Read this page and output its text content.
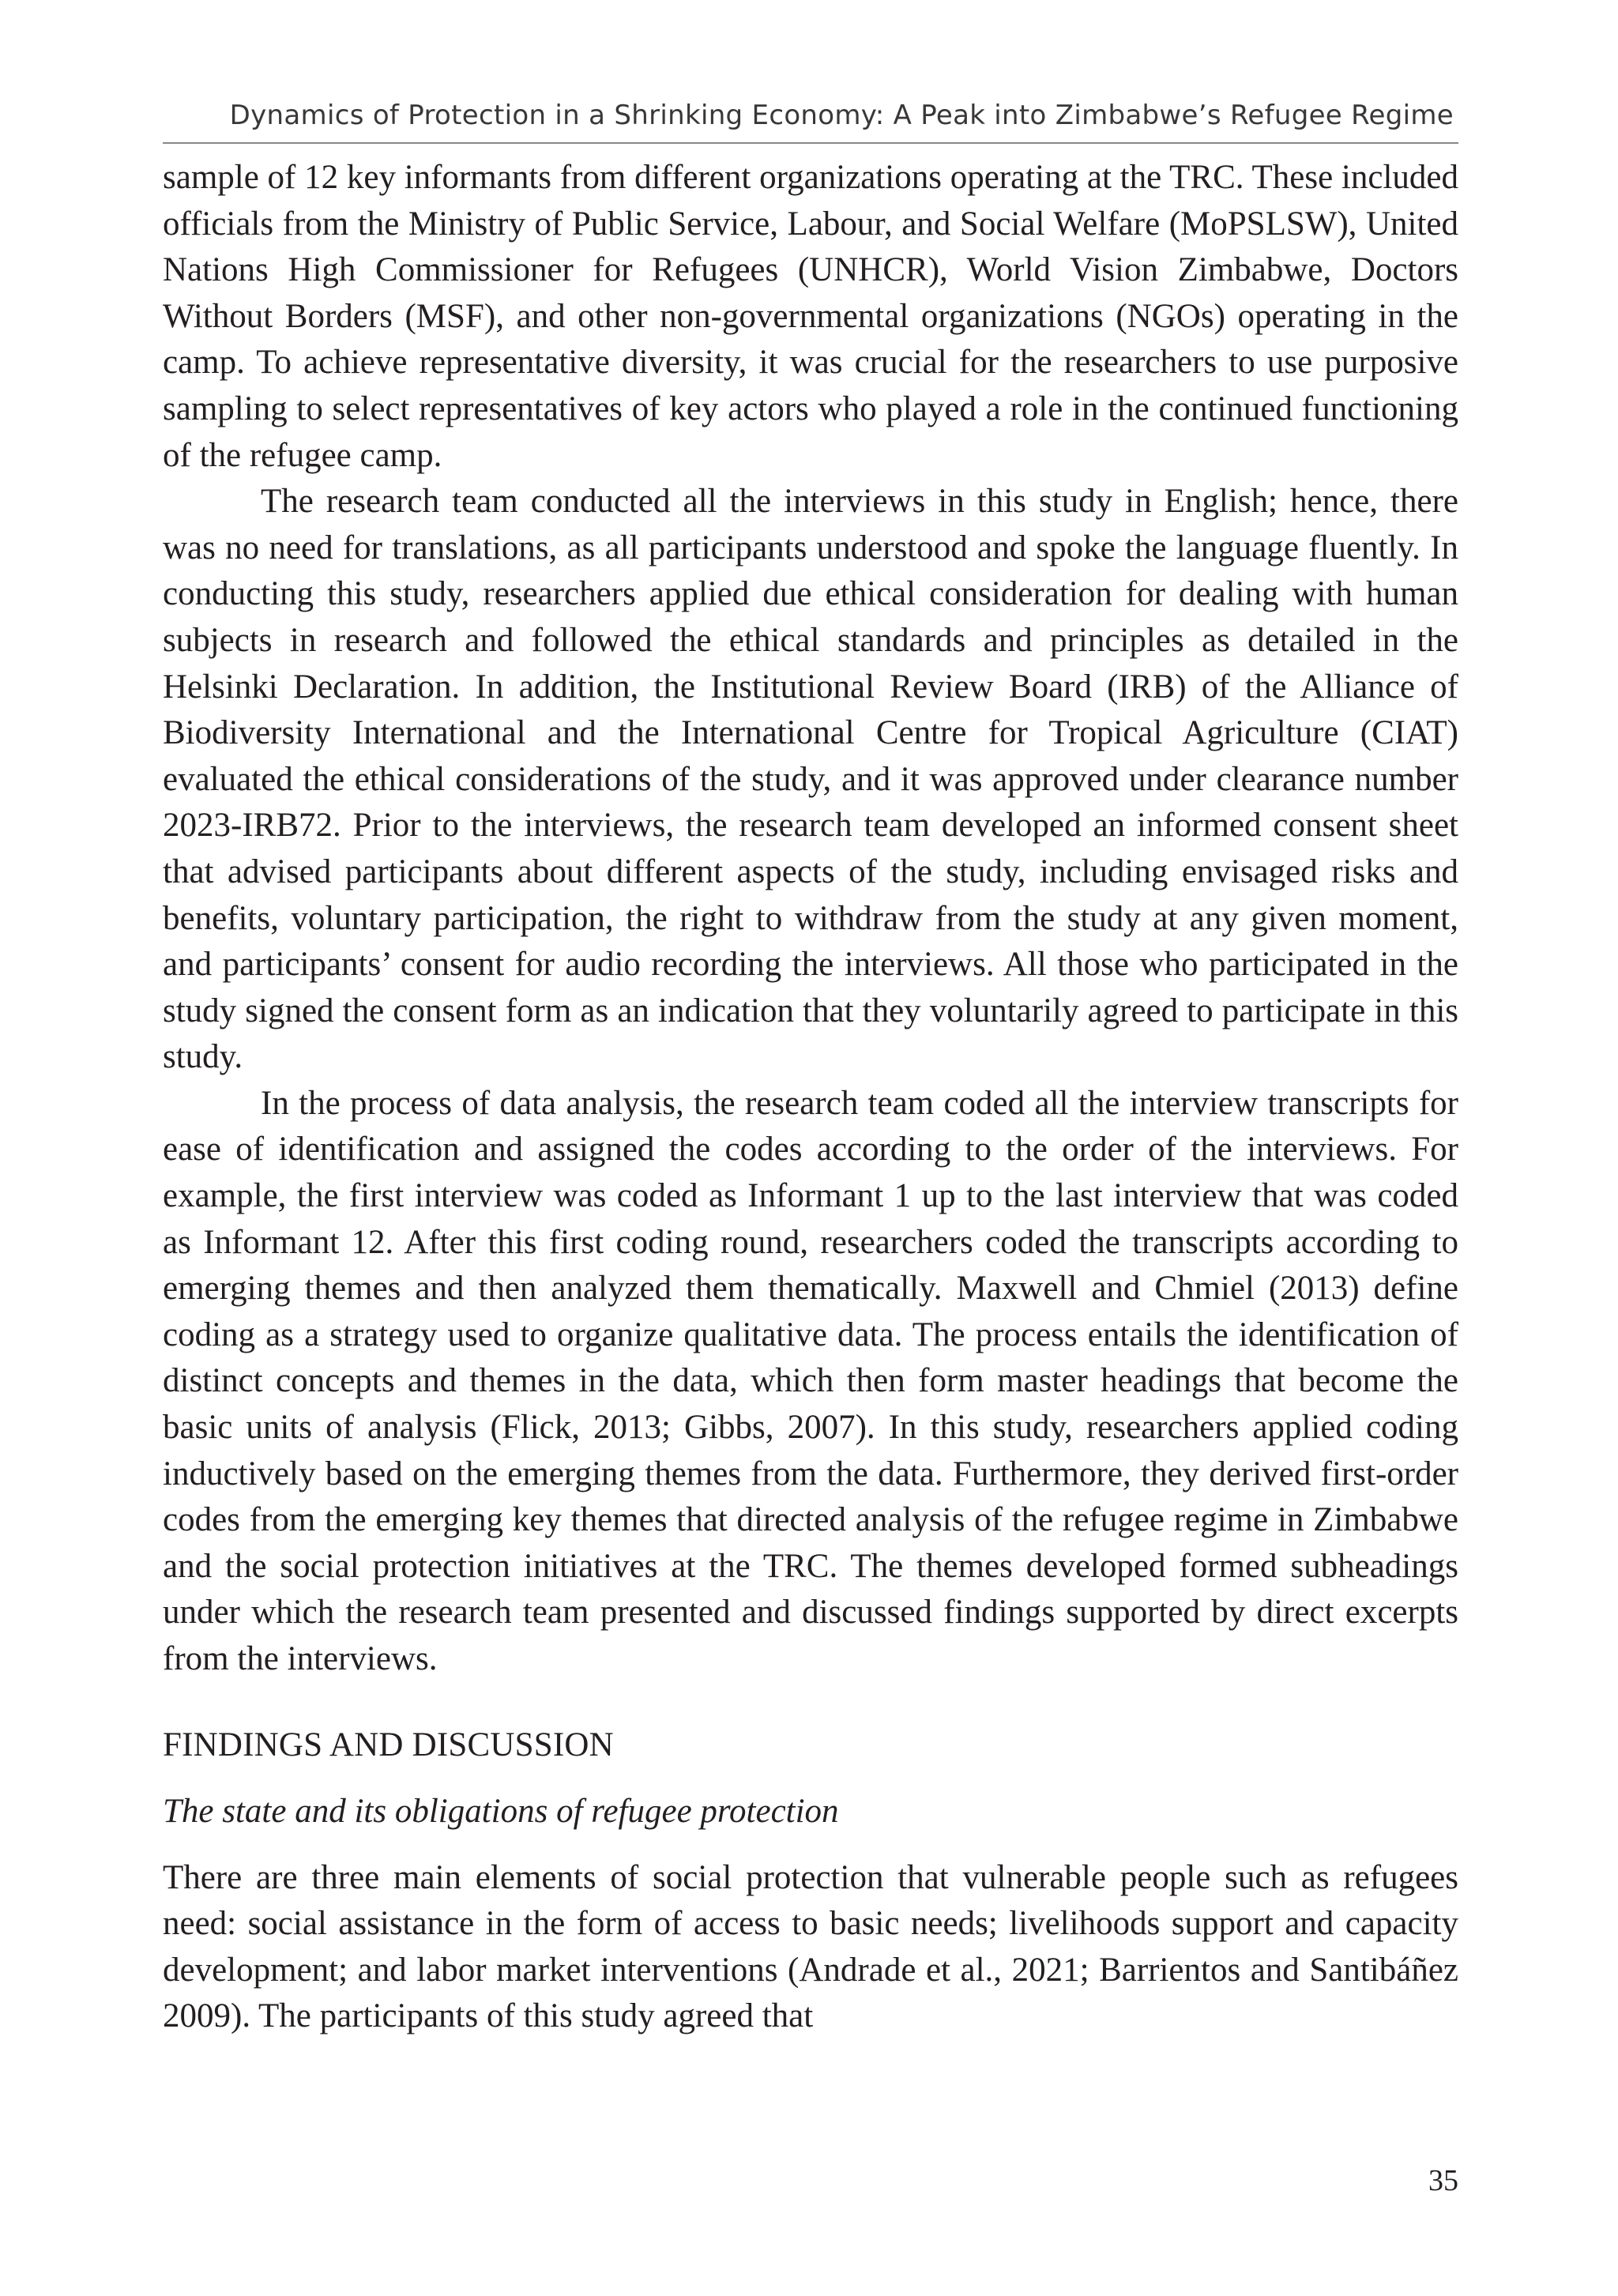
Dynamics of Protection in a Shrinking Economy: A Peak into Zimbabwe’s Refugee Regime

sample of 12 key informants from different organizations operating at the TRC. These included officials from the Ministry of Public Service, Labour, and Social Welfare (MoPSLSW), United Nations High Commissioner for Refugees (UNHCR), World Vision Zimbabwe, Doctors Without Borders (MSF), and other non-governmental organizations (NGOs) operating in the camp. To achieve representative diversity, it was crucial for the researchers to use purposive sampling to select representatives of key actors who played a role in the continued functioning of the refugee camp.

The research team conducted all the interviews in this study in English; hence, there was no need for translations, as all participants understood and spoke the language fluently. In conducting this study, researchers applied due ethical consideration for dealing with human subjects in research and followed the ethical standards and principles as detailed in the Helsinki Declaration. In addition, the Institutional Review Board (IRB) of the Alliance of Biodiversity International and the International Centre for Tropical Agriculture (CIAT) evaluated the ethical considerations of the study, and it was approved under clearance number 2023-IRB72. Prior to the interviews, the research team developed an informed consent sheet that advised participants about different aspects of the study, including envisaged risks and benefits, voluntary participation, the right to withdraw from the study at any given moment, and participants’ consent for audio recording the interviews. All those who participated in the study signed the consent form as an indication that they voluntarily agreed to participate in this study.

In the process of data analysis, the research team coded all the interview transcripts for ease of identification and assigned the codes according to the order of the interviews. For example, the first interview was coded as Informant 1 up to the last interview that was coded as Informant 12. After this first coding round, researchers coded the transcripts according to emerging themes and then analyzed them thematically. Maxwell and Chmiel (2013) define coding as a strategy used to organize qualitative data. The process entails the identification of distinct concepts and themes in the data, which then form master headings that become the basic units of analysis (Flick, 2013; Gibbs, 2007). In this study, researchers applied coding inductively based on the emerging themes from the data. Furthermore, they derived first-order codes from the emerging key themes that directed analysis of the refugee regime in Zimbabwe and the social protection initiatives at the TRC. The themes developed formed subheadings under which the research team presented and discussed findings supported by direct excerpts from the interviews.

FINDINGS AND DISCUSSION
The state and its obligations of refugee protection

There are three main elements of social protection that vulnerable people such as refugees need: social assistance in the form of access to basic needs; livelihoods support and capacity development; and labor market interventions (Andrade et al., 2021; Barrientos and Santibáñez 2009). The participants of this study agreed that

35
